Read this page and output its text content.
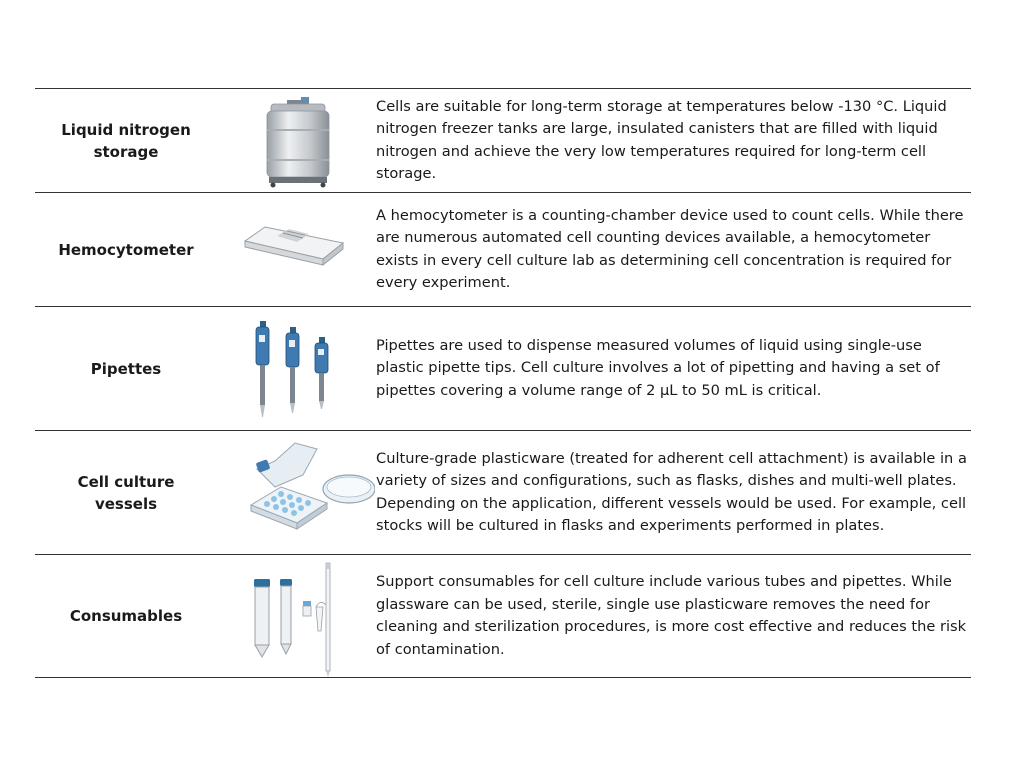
Liquid nitrogen
storage
Cells are suitable for long-term storage at temperatures below -130 °C. Liquid nitrogen freezer tanks are large, insulated canisters that are filled with liquid nitrogen and achieve the very low temperatures required for long-term cell storage.
Hemocytometer
A hemocytometer is a counting-chamber device used to count cells. While there are numerous automated cell counting devices available, a hemocytometer exists in every cell culture lab as determining cell concentration is required for every experiment.
Pipettes
Pipettes are used to dispense measured volumes of liquid using single-use plastic pipette tips. Cell culture involves a lot of pipetting and having a set of pipettes covering a volume range of 2 µL to 50 mL is critical.
Cell culture
vessels
Culture-grade plasticware (treated for adherent cell attachment) is available in a variety of sizes and configurations, such as flasks, dishes and multi-well plates. Depending on the application, different vessels would be used. For example, cell stocks will be cultured in flasks and experiments performed in plates.
Consumables
Support consumables for cell culture include various tubes and pipettes. While glassware can be used, sterile, single use plasticware removes the need for cleaning and sterilization procedures, is more cost effective and reduces the risk of contamination.
